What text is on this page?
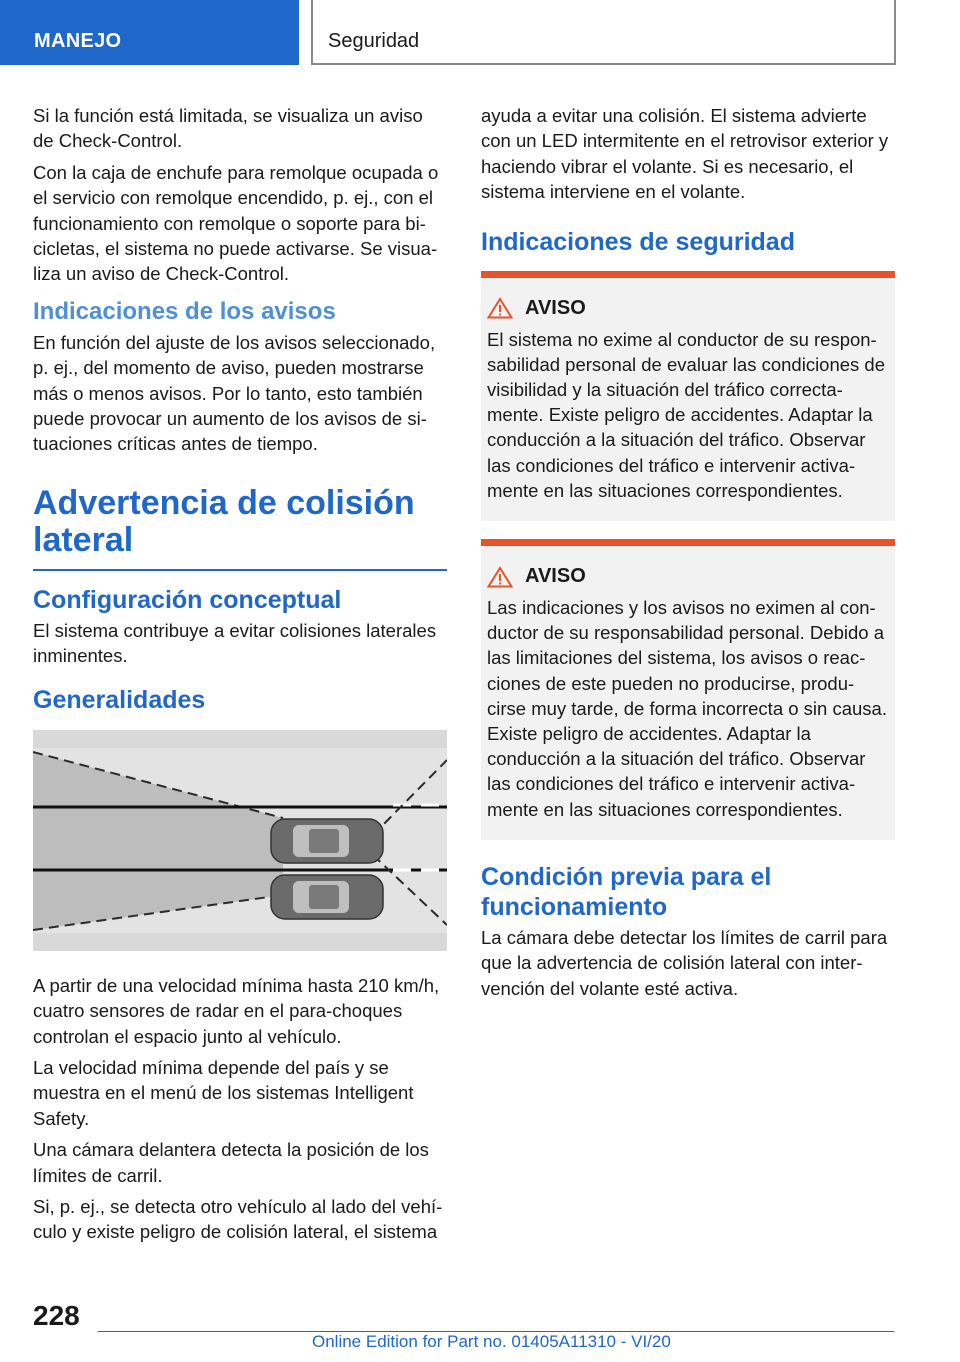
MANEJO	Seguridad

Si la función está limitada, se visualiza un aviso de Check-Control.

Con la caja de enchufe para remolque ocupada o el servicio con remolque encendido, p. ej., con el funcionamiento con remolque o soporte para bi-cicletas, el sistema no puede activarse. Se visua-liza un aviso de Check-Control.

Indicaciones de los avisos

En función del ajuste de los avisos seleccionado, p. ej., del momento de aviso, pueden mostrarse más o menos avisos. Por lo tanto, esto también puede provocar un aumento de los avisos de si-tuaciones críticas antes de tiempo.

Advertencia de colisión lateral
Configuración conceptual

El sistema contribuye a evitar colisiones laterales inminentes.

Generalidades

A partir de una velocidad mínima hasta 210 km/h, cuatro sensores de radar en el para-choques controlan el espacio junto al vehículo.

La velocidad mínima depende del país y se muestra en el menú de los sistemas Intelligent Safety.

Una cámara delantera detecta la posición de los límites de carril.

Si, p. ej., se detecta otro vehículo al lado del vehí-culo y existe peligro de colisión lateral, el sistema

ayuda a evitar una colisión. El sistema advierte con un LED intermitente en el retrovisor exterior y haciendo vibrar el volante. Si es necesario, el sistema interviene en el volante.

Indicaciones de seguridad
AVISO

El sistema no exime al conductor de su respon-sabilidad personal de evaluar las condiciones de visibilidad y la situación del tráfico correcta-mente. Existe peligro de accidentes. Adaptar la conducción a la situación del tráfico. Observar las condiciones del tráfico e intervenir activa-mente en las situaciones correspondientes.

AVISO

Las indicaciones y los avisos no eximen al con-ductor de su responsabilidad personal. Debido a las limitaciones del sistema, los avisos o reac-ciones de este pueden no producirse, produ-cirse muy tarde, de forma incorrecta o sin causa. Existe peligro de accidentes. Adaptar la conducción a la situación del tráfico. Observar las condiciones del tráfico e intervenir activa-mente en las situaciones correspondientes.

Condición previa para el funcionamiento

La cámara debe detectar los límites de carril para que la advertencia de colisión lateral con inter-vención del volante esté activa.

228
Online Edition for Part no. 01405A11310 - VI/20
